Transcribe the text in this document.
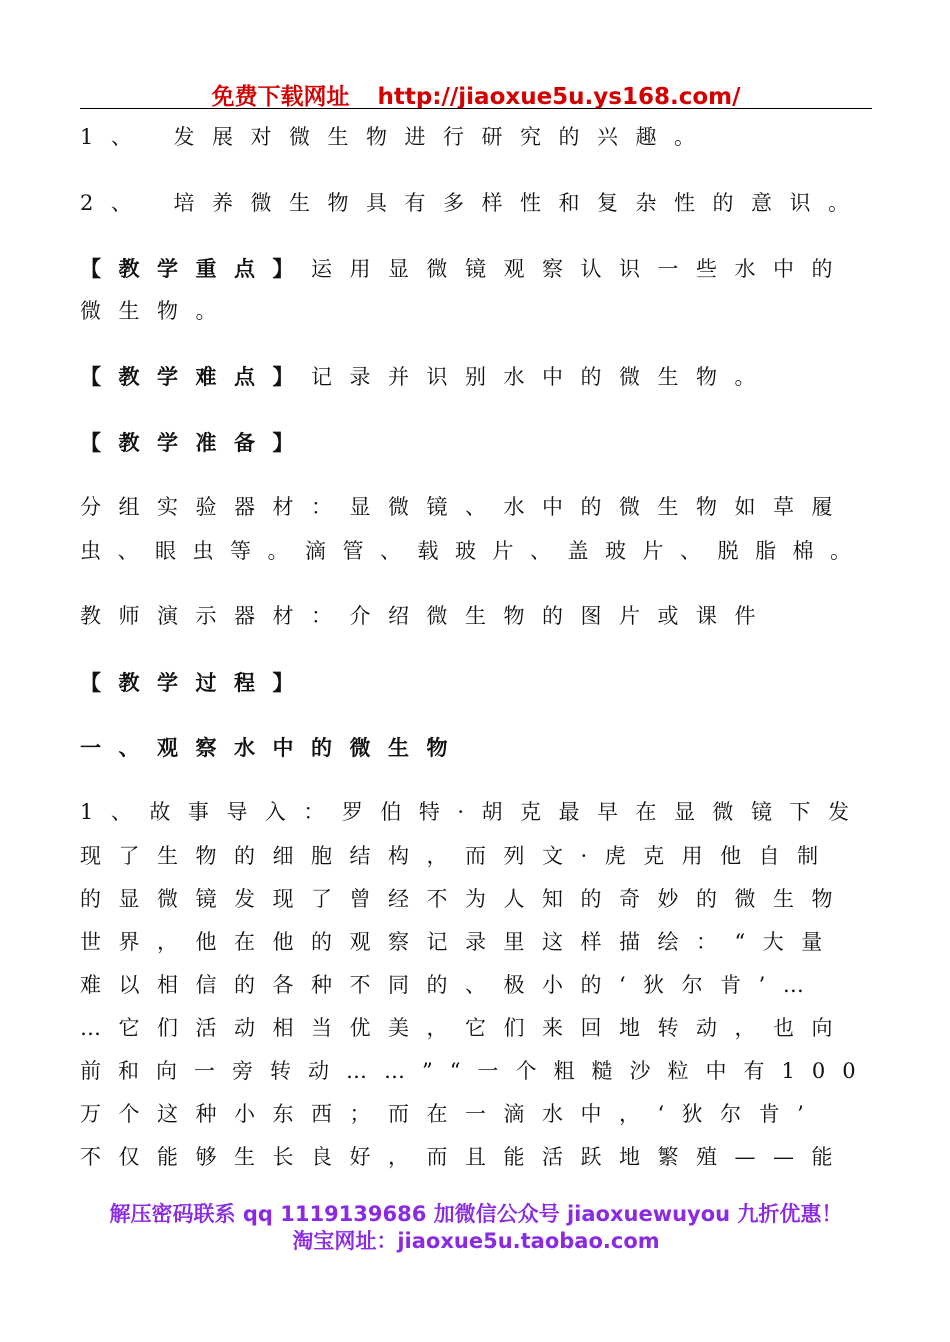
免费下载网址 http://jiaoxue5u.ys168.com/
1、 发展对微生物进行研究的兴趣。
2、 培养微生物具有多样性和复杂性的意识。
【教学重点】运用显微镜观察认识一些水中的
微生物。
【教学难点】记录并识别水中的微生物。
【教学准备】
分组实验器材：显微镜、水中的微生物如草履
虫、眼虫等。滴管、载玻片、盖玻片、脱脂棉。
教师演示器材：介绍微生物的图片或课件
【教学过程】
一、观察水中的微生物
1、故事导入：罗伯特·胡克最早在显微镜下发
现了生物的细胞结构，而列文·虎克用他自制
的显微镜发现了曾经不为人知的奇妙的微生物
世界，他在他的观察记录里这样描绘：“大量
难以相信的各种不同的、极小的‘狄尔肯’…
…它们活动相当优美，它们来回地转动，也向
前和向一旁转动……”“一个粗糙沙粒中有100
万个这种小东西；而在一滴水中，‘狄尔肯’
不仅能够生长良好，而且能活跃地繁殖——能
解压密码联系 qq 1119139686 加微信公众号 jiaoxuewuyou 九折优惠！
淘宝网址：jiaoxue5u.taobao.com
